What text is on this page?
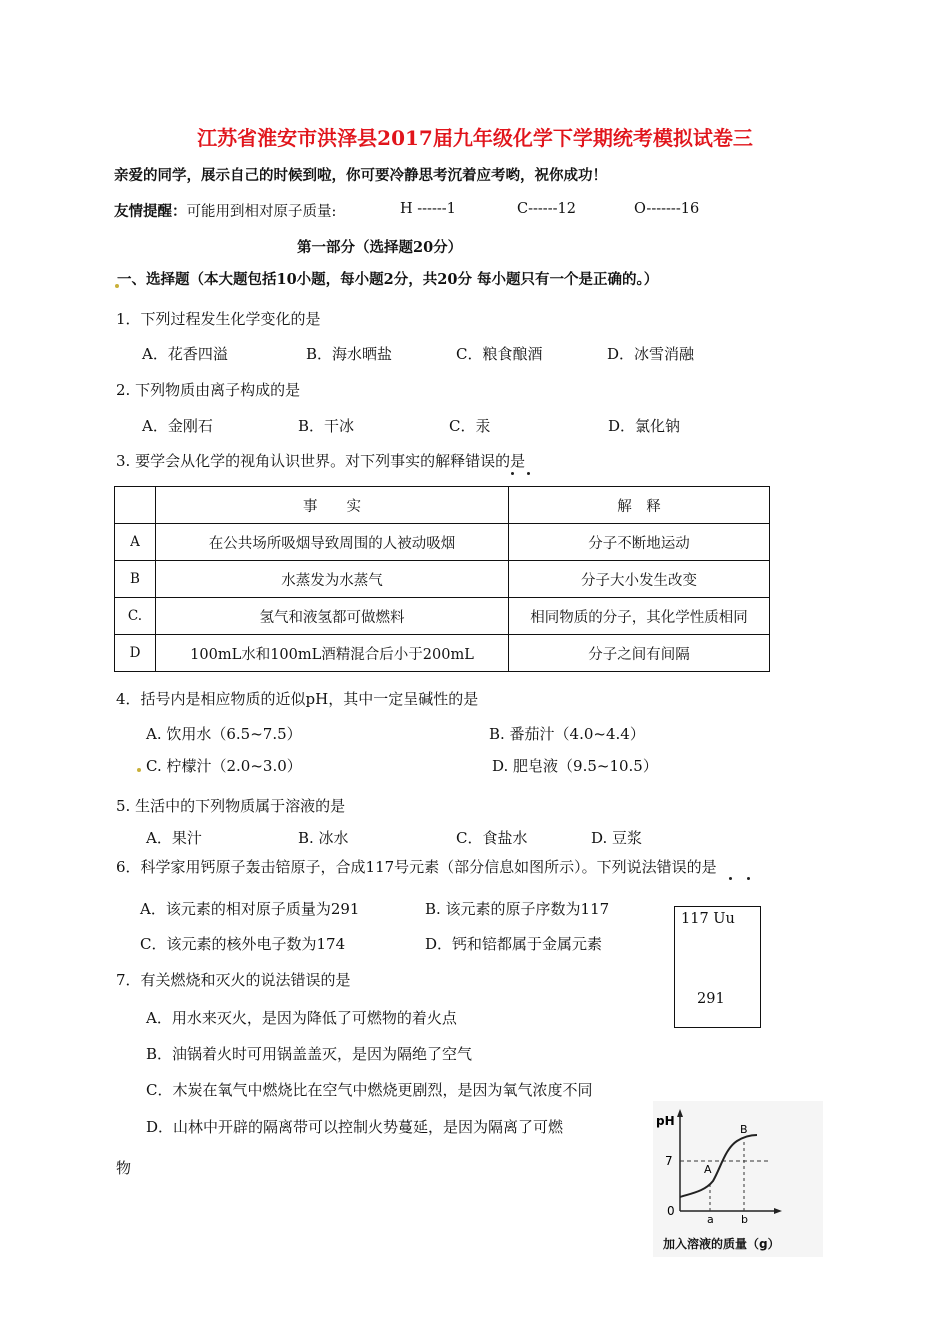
江苏省淮安市洪泽县2017届九年级化学下学期统考模拟试卷三
亲爱的同学，展示自己的时候到啦，你可要冷静思考沉着应考哟，祝你成功！
友情提醒：可能用到相对原子质量:	H ------1	C------12	O-------16
第一部分（选择题20分）
一、选择题（本大题包括10小题，每小题2分，共20分 每小题只有一个是正确的。）
1．下列过程发生化学变化的是
A．花香四溢	B．海水晒盐	C．粮食酿酒	D．冰雪消融
2. 下列物质由离子构成的是
A．金刚石	B．干冰	C．汞	D．氯化钠
3. 要学会从化学的视角认识世界。对下列事实的解释错误的是
	事　　实	解　释
A	在公共场所吸烟导致周围的人被动吸烟	分子不断地运动
B	水蒸发为水蒸气	分子大小发生改变
C.	氢气和液氢都可做燃料	相同物质的分子，其化学性质相同
D	100mL水和100mL酒精混合后小于200mL	分子之间有间隔
4．括号内是相应物质的近似pH，其中一定呈碱性的是
A. 饮用水（6.5~7.5）	B. 番茄汁（4.0~4.4）
C. 柠檬汁（2.0~3.0）	D. 肥皂液（9.5~10.5）
5. 生活中的下列物质属于溶液的是
A．果汁	B. 冰水	C．食盐水	D. 豆浆
6．科学家用钙原子轰击锫原子，合成117号元素（部分信息如图所示）。下列说法错误的是
A．该元素的相对原子质量为291	B. 该元素的原子序数为117
C．该元素的核外电子数为174	D．钙和锫都属于金属元素
117 Uu
291
7．有关燃烧和灭火的说法错误的是
A．用水来灭火，是因为降低了可燃物的着火点
B．油锅着火时可用锅盖盖灭，是因为隔绝了空气
C．木炭在氧气中燃烧比在空气中燃烧更剧烈，是因为氧气浓度不同
D．山林中开辟的隔离带可以控制火势蔓延，是因为隔离了可燃
物
pH
7
0
a b
A
B
加入溶液的质量（g）
